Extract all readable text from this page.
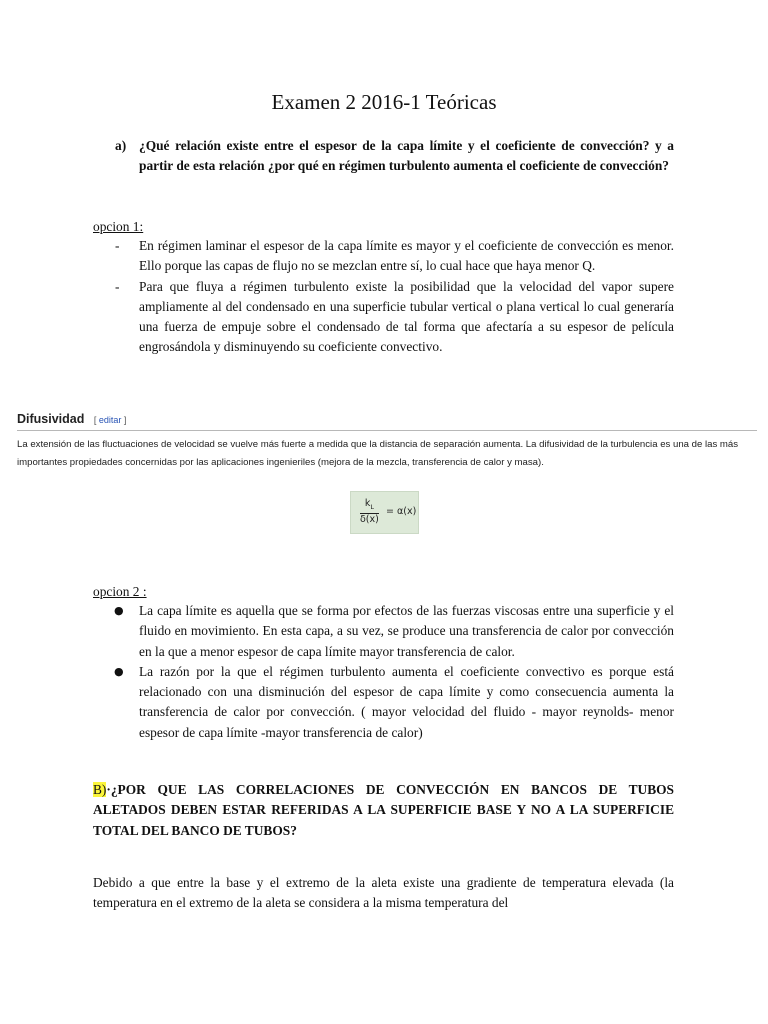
Examen 2 2016-1 Teóricas
a) ¿Qué relación existe entre el espesor de la capa límite y el coeficiente de convección? y a partir de esta relación ¿por qué en régimen turbulento aumenta el coeficiente de convección?
opcion 1:
- En régimen laminar el espesor de la capa límite es mayor y el coeficiente de convección es menor. Ello porque las capas de flujo no se mezclan entre sí, lo cual hace que haya menor Q.
- Para que fluya a régimen turbulento existe la posibilidad que la velocidad del vapor supere ampliamente al del condensado en una superficie tubular vertical o plana vertical lo cual generaría una fuerza de empuje sobre el condensado de tal forma que afectaría a su espesor de película engrosándola y disminuyendo su coeficiente convectivo.
Difusividad [ editar ]
La extensión de las fluctuaciones de velocidad se vuelve más fuerte a medida que la distancia de separación aumenta. La difusividad de la turbulencia es una de las más importantes propiedades concernidas por las aplicaciones ingenieriles (mejora de la mezcla, transferencia de calor y masa).
$\frac{k_L}{\delta(x)} = \alpha(x)$
opcion 2 :
● La capa límite es aquella que se forma por efectos de las fuerzas viscosas entre una superficie y el fluido en movimiento. En esta capa, a su vez, se produce una transferencia de calor por convección en la que a menor espesor de capa límite mayor transferencia de calor.
● La razón por la que el régimen turbulento aumenta el coeficiente convectivo es porque está relacionado con una disminución del espesor de capa límite y como consecuencia aumenta la transferencia de calor por convección. ( mayor velocidad del fluido - mayor reynolds- menor espesor de capa límite -mayor transferencia de calor)
B)·¿POR QUE LAS CORRELACIONES DE CONVECCIÓN EN BANCOS DE TUBOS ALETADOS DEBEN ESTAR REFERIDAS A LA SUPERFICIE BASE Y NO A LA SUPERFICIE TOTAL DEL BANCO DE TUBOS?
Debido a que entre la base y el extremo de la aleta existe una gradiente de temperatura elevada (la temperatura en el extremo de la aleta se considera a la misma temperatura del
